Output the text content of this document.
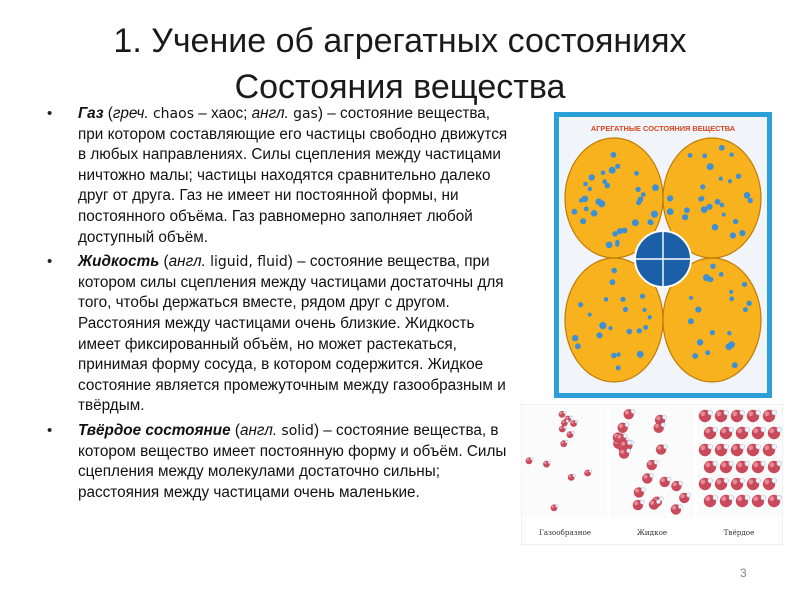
1. Учение об агрегатных состояниях
Состояния вещества
• Газ (греч. chaos – хаос; англ. gas) – состояние вещества, при котором составляющие его частицы свободно движутся в любых направлениях. Силы сцепления между частицами ничтожно малы; частицы находятся сравнительно далеко друг от друга. Газ не имеет ни постоянной формы, ни постоянного объёма. Газ равномерно заполняет любой доступный объём.
• Жидкость (англ. liguid, fluid) – состояние вещества, при котором силы сцепления между частицами достаточны для того, чтобы держаться вместе, рядом друг с другом. Расстояния между частицами очень близкие. Жидкость имеет фиксированный объём, но может растекаться, принимая форму сосуда, в котором содержится. Жидкое состояние является промежуточным между газообразным и твёрдым.
• Твёрдое состояние (англ. solid) – состояние вещества, в котором вещество имеет постоянную форму и объём. Силы сцепления между молекулами достаточно сильны; расстояния между частицами очень маленькие.
АГРЕГАТНЫЕ СОСТОЯНИЯ ВЕЩЕСТВА
Газообразное	Жидкое	Твёрдое
3
